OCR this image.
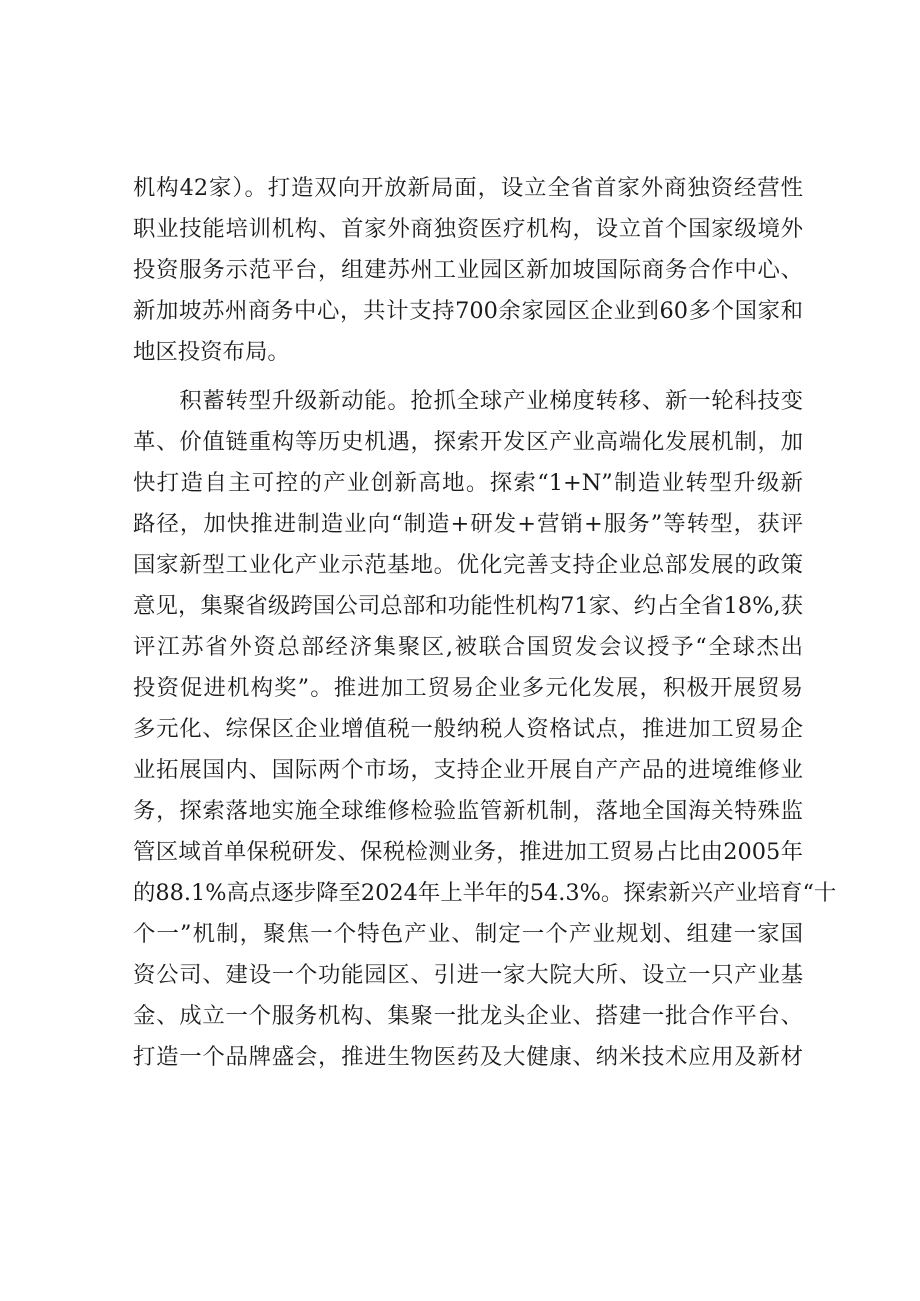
机构42家）。打造双向开放新局面，设立全省首家外商独资经营性
职业技能培训机构、首家外商独资医疗机构，设立首个国家级境外
投资服务示范平台，组建苏州工业园区新加坡国际商务合作中心、
新加坡苏州商务中心，共计支持700余家园区企业到60多个国家和
地区投资布局。
　　积蓄转型升级新动能。抢抓全球产业梯度转移、新一轮科技变
革、价值链重构等历史机遇，探索开发区产业高端化发展机制，加
快打造自主可控的产业创新高地。探索“1+N”制造业转型升级新
路径，加快推进制造业向“制造+研发+营销+服务”等转型，获评
国家新型工业化产业示范基地。优化完善支持企业总部发展的政策
意见，集聚省级跨国公司总部和功能性机构71家、约占全省18%,获
评江苏省外资总部经济集聚区,被联合国贸发会议授予“全球杰出
投资促进机构奖”。推进加工贸易企业多元化发展，积极开展贸易
多元化、综保区企业增值税一般纳税人资格试点，推进加工贸易企
业拓展国内、国际两个市场，支持企业开展自产产品的进境维修业
务，探索落地实施全球维修检验监管新机制，落地全国海关特殊监
管区域首单保税研发、保税检测业务，推进加工贸易占比由2005年
的88.1%高点逐步降至2024年上半年的54.3%。探索新兴产业培育“十
个一”机制，聚焦一个特色产业、制定一个产业规划、组建一家国
资公司、建设一个功能园区、引进一家大院大所、设立一只产业基
金、成立一个服务机构、集聚一批龙头企业、搭建一批合作平台、
打造一个品牌盛会，推进生物医药及大健康、纳米技术应用及新材
